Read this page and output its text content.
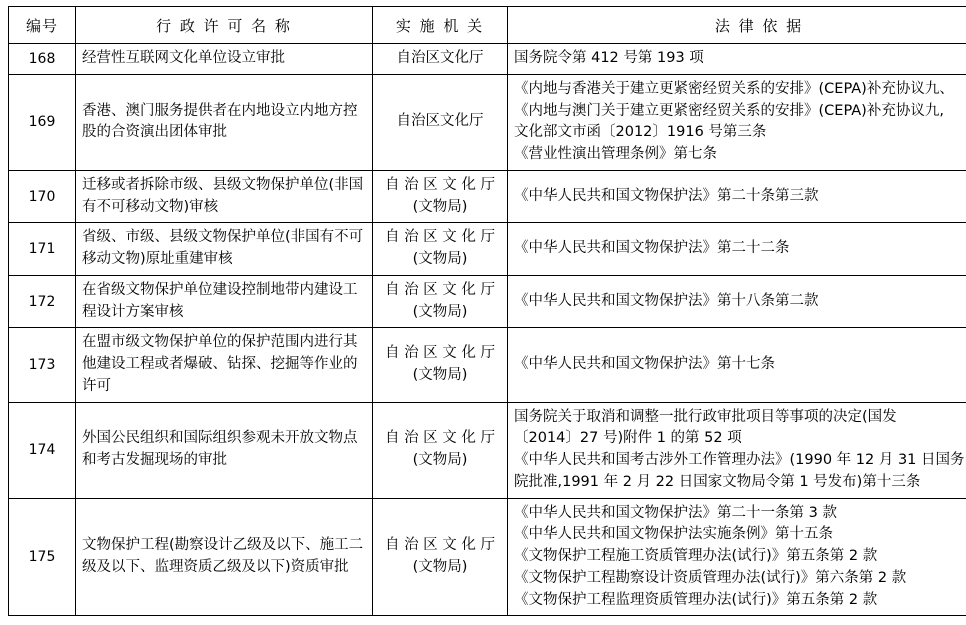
编号	行 政 许 可 名 称	实 施 机 关	法 律 依 据
168	经营性互联网文化单位设立审批	自治区文化厅	国务院令第 412 号第 193 项

169	香港、澳门服务提供者在内地设立内地方控股的合资演出团体审批	自治区文化厅	《内地与香港关于建立更紧密经贸关系的安排》(CEPA)补充协议九、
《内地与澳门关于建立更紧密经贸关系的安排》(CEPA)补充协议九,
文化部文市函〔2012〕1916 号第三条
《营业性演出管理条例》第七条

170	迁移或者拆除市级、县级文物保护单位(非国有不可移动文物)审核	自 治 区 文 化 厅
(文物局)	《中华人民共和国文物保护法》第二十条第三款

171	省级、市级、县级文物保护单位(非国有不可移动文物)原址重建审核	自 治 区 文 化 厅
(文物局)	《中华人民共和国文物保护法》第二十二条

172	在省级文物保护单位建设控制地带内建设工程设计方案审核	自 治 区 文 化 厅
(文物局)	《中华人民共和国文物保护法》第十八条第二款

173	在盟市级文物保护单位的保护范围内进行其他建设工程或者爆破、钻探、挖掘等作业的许可	自 治 区 文 化 厅
(文物局)	《中华人民共和国文物保护法》第十七条

174	外国公民组织和国际组织参观未开放文物点和考古发掘现场的审批	自 治 区 文 化 厅
(文物局)	国务院关于取消和调整一批行政审批项目等事项的决定(国发
〔2014〕27 号)附件 1 的第 52 项
《中华人民共和国考古涉外工作管理办法》(1990 年 12 月 31 日国务
院批准,1991 年 2 月 22 日国家文物局令第 1 号发布)第十三条

175	文物保护工程(勘察设计乙级及以下、施工二级及以下、监理资质乙级及以下)资质审批	自 治 区 文 化 厅
(文物局)	《中华人民共和国文物保护法》第二十一条第 3 款
《中华人民共和国文物保护法实施条例》第十五条
《文物保护工程施工资质管理办法(试行)》第五条第 2 款
《文物保护工程勘察设计资质管理办法(试行)》第六条第 2 款
《文物保护工程监理资质管理办法(试行)》第五条第 2 款
